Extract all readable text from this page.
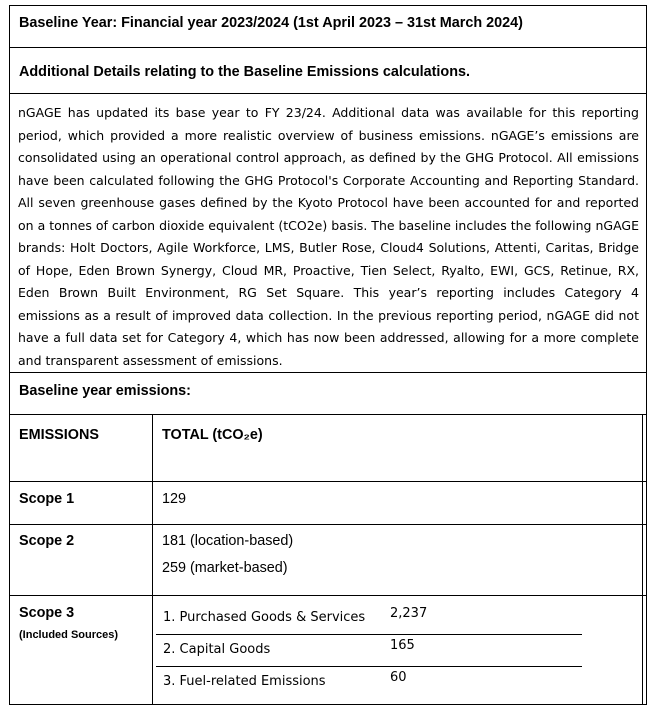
Baseline Year: Financial year 2023/2024 (1st April 2023 – 31st March 2024)
Additional Details relating to the Baseline Emissions calculations.
nGAGE has updated its base year to FY 23/24. Additional data was available for this reporting period, which provided a more realistic overview of business emissions. nGAGE’s emissions are consolidated using an operational control approach, as defined by the GHG Protocol. All emissions have been calculated following the GHG Protocol's Corporate Accounting and Reporting Standard. All seven greenhouse gases defined by the Kyoto Protocol have been accounted for and reported on a tonnes of carbon dioxide equivalent (tCO2e) basis. The baseline includes the following nGAGE brands: Holt Doctors, Agile Workforce, LMS, Butler Rose, Cloud4 Solutions, Attenti, Caritas, Bridge of Hope, Eden Brown Synergy, Cloud MR, Proactive, Tien Select, Ryalto, EWI, GCS, Retinue, RX, Eden Brown Built Environment, RG Set Square. This year’s reporting includes Category 4 emissions as a result of improved data collection. In the previous reporting period, nGAGE did not have a full data set for Category 4, which has now been addressed, allowing for a more complete and transparent assessment of emissions.
Baseline year emissions:
EMISSIONS	TOTAL (tCO₂e)
Scope 1	129
Scope 2	181 (location-based)
259 (market-based)
Scope 3
(Included Sources)
1. Purchased Goods & Services 2,237
2. Capital Goods	165
3. Fuel-related Emissions	60
